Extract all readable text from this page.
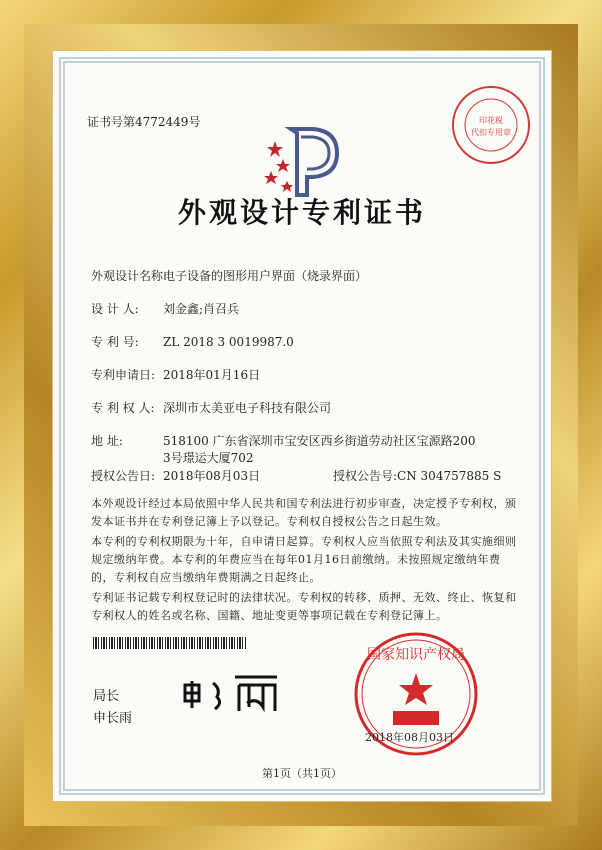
证书号第4772449号	印花税
代扣专用章
外观设计专利证书
外观设计名称:电子设备的图形用户界面（烧录界面）
设 计 人: 刘金鑫;肖召兵
专 利 号: ZL 2018 3 0019987.0
专利申请日: 2018年01月16日
专 利 权 人: 深圳市太美亚电子科技有限公司
地 址:	518100 广东省深圳市宝安区西乡街道劳动社区宝源路200
3号璟运大厦702
授权公告日: 2018年08月03日	授权公告号:CN 304757885 S
本外观设计经过本局依照中华人民共和国专利法进行初步审查，决定授予专利权，颁发本证书并在专利登记簿上予以登记。专利权自授权公告之日起生效。
本专利的专利权期限为十年，自申请日起算。专利权人应当依照专利法及其实施细则规定缴纳年费。本专利的年费应当在每年01月16日前缴纳。未按照规定缴纳年费的，专利权自应当缴纳年费期满之日起终止。
专利证书记载专利权登记时的法律状况。专利权的转移、质押、无效、终止、恢复和专利权人的姓名或名称、国籍、地址变更等事项记载在专利登记簿上。
局长
申长雨
国家知识产权局
2018年08月03日
第1页（共1页）
